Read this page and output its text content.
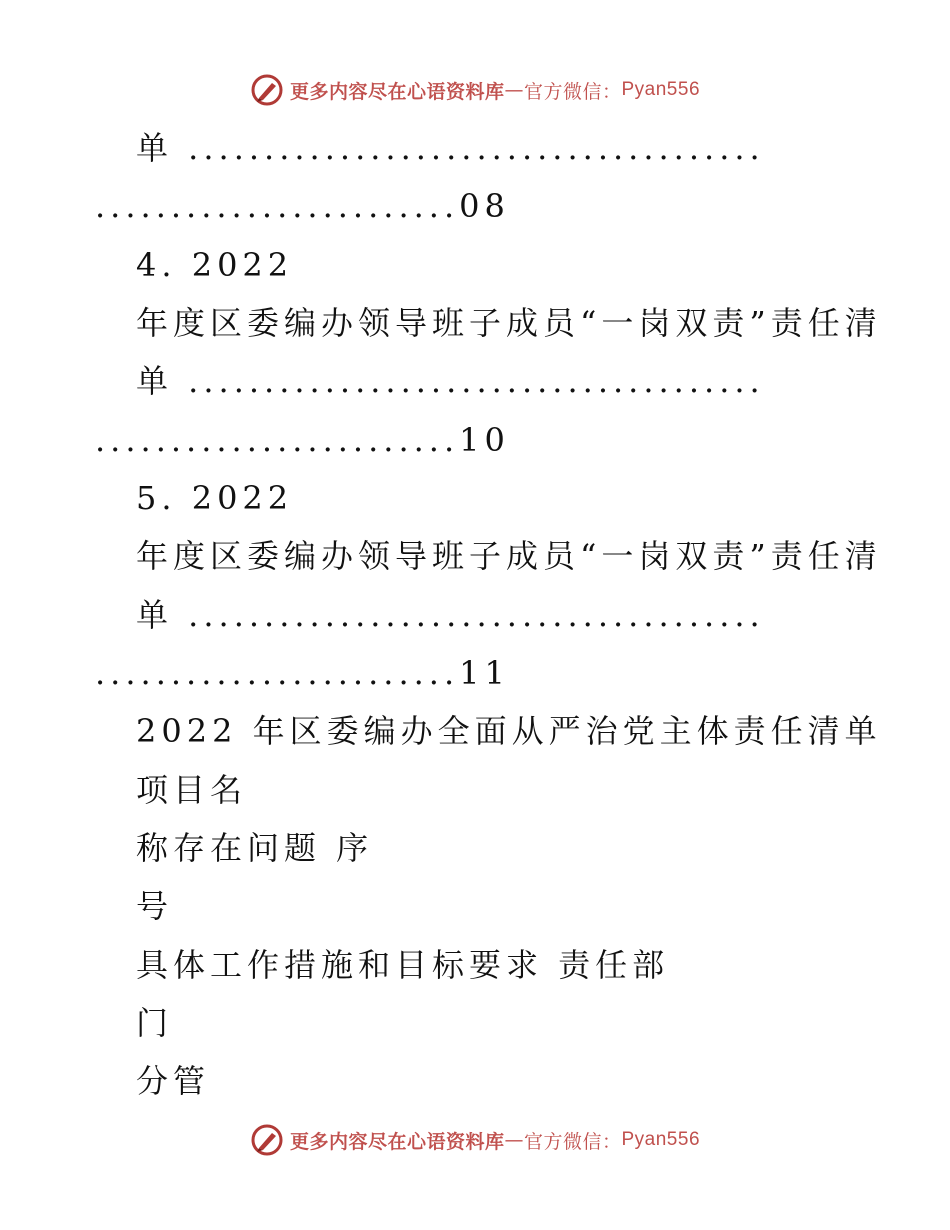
更多内容尽在心语资料库 — 官方微信： Pyan556
单 ......................................
........................08
4. 2022
年度区委编办领导班子成员“一岗双责”责任清
单 ......................................
........................10
5. 2022
年度区委编办领导班子成员“一岗双责”责任清
单 ......................................
........................11
2022 年区委编办全面从严治党主体责任清单
项目名
称存在问题 序
号
具体工作措施和目标要求 责任部
门
分管
更多内容尽在心语资料库 — 官方微信： Pyan556
